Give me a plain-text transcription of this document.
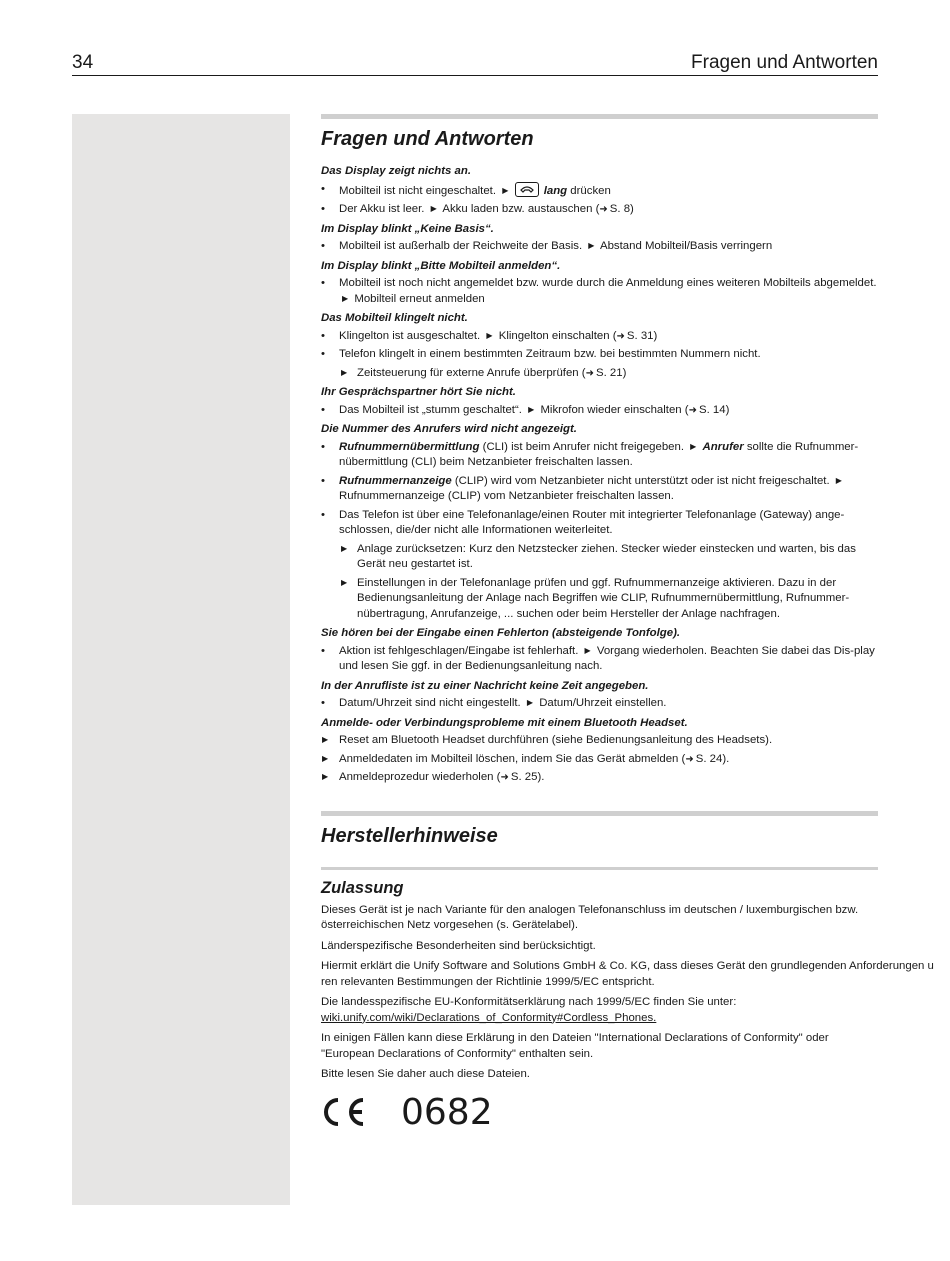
34	Fragen und Antworten
Fragen und Antworten
Das Display zeigt nichts an.
• Mobilteil ist nicht eingeschaltet. ▶	lang drücken
• Der Akku ist leer. ▶ Akku laden bzw. austauschen (➜ S. 8)
Im Display blinkt „Keine Basis“.
• Mobilteil ist außerhalb der Reichweite der Basis. ▶ Abstand Mobilteil/Basis verringern
Im Display blinkt „Bitte Mobilteil anmelden“.
• Mobilteil ist noch nicht angemeldet bzw. wurde durch die Anmeldung eines weiteren Mobilteils abgemeldet. ▶ Mobilteil erneut anmelden
Das Mobilteil klingelt nicht.
• Klingelton ist ausgeschaltet. ▶ Klingelton einschalten (➜ S. 31)
• Telefon klingelt in einem bestimmten Zeitraum bzw. bei bestimmten Nummern nicht.
▶ Zeitsteuerung für externe Anrufe überprüfen (➜ S. 21)
Ihr Gesprächspartner hört Sie nicht.
• Das Mobilteil ist „stumm geschaltet“. ▶ Mikrofon wieder einschalten (➜ S. 14)
Die Nummer des Anrufers wird nicht angezeigt.
• Rufnummernübermittlung (CLI) ist beim Anrufer nicht freigegeben. ▶ Anrufer sollte die Rufnummer-nübermittlung (CLI) beim Netzanbieter freischalten lassen.
• Rufnummernanzeige (CLIP) wird vom Netzanbieter nicht unterstützt oder ist nicht freigeschaltet. ▶ Rufnummernanzeige (CLIP) vom Netzanbieter freischalten lassen.
• Das Telefon ist über eine Telefonanlage/einen Router mit integrierter Telefonanlage (Gateway) ange-schlossen, die/der nicht alle Informationen weiterleitet.
▶ Anlage zurücksetzen: Kurz den Netzstecker ziehen. Stecker wieder einstecken und warten, bis das Gerät neu gestartet ist.
▶ Einstellungen in der Telefonanlage prüfen und ggf. Rufnummernanzeige aktivieren. Dazu in der Bedienungsanleitung der Anlage nach Begriffen wie CLIP, Rufnummernübermittlung, Rufnummer-nübertragung, Anrufanzeige, ... suchen oder beim Hersteller der Anlage nachfragen.
Sie hören bei der Eingabe einen Fehlerton (absteigende Tonfolge).
• Aktion ist fehlgeschlagen/Eingabe ist fehlerhaft. ▶ Vorgang wiederholen. Beachten Sie dabei das Dis-play und lesen Sie ggf. in der Bedienungsanleitung nach.
In der Anrufliste ist zu einer Nachricht keine Zeit angegeben.
• Datum/Uhrzeit sind nicht eingestellt. ▶ Datum/Uhrzeit einstellen.
Anmelde- oder Verbindungsprobleme mit einem Bluetooth Headset.
▶ Reset am Bluetooth Headset durchführen (siehe Bedienungsanleitung des Headsets).
▶ Anmeldedaten im Mobilteil löschen, indem Sie das Gerät abmelden (➜ S. 24).
▶ Anmeldeprozedur wiederholen (➜ S. 25).
Herstellerhinweise
Zulassung

Dieses Gerät ist je nach Variante für den analogen Telefonanschluss im deutschen / luxemburgischen bzw. österreichischen Netz vorgesehen (s. Gerätelabel).

Länderspezifische Besonderheiten sind berücksichtigt.

Hiermit erklärt die Unify Software and Solutions GmbH & Co. KG, dass dieses Gerät den grundlegenden Anforderungen u
ren relevanten Bestimmungen der Richtlinie 1999/5/EC entspricht.

Die landesspezifische EU-Konformitätserklärung nach 1999/5/EC finden Sie unter:
wiki.unify.com/wiki/Declarations_of_Conformity#Cordless_Phones.

In einigen Fällen kann diese Erklärung in den Dateien "International Declarations of Conformity" oder "European Declarations of Conformity" enthalten sein.

Bitte lesen Sie daher auch diese Dateien.

0682
